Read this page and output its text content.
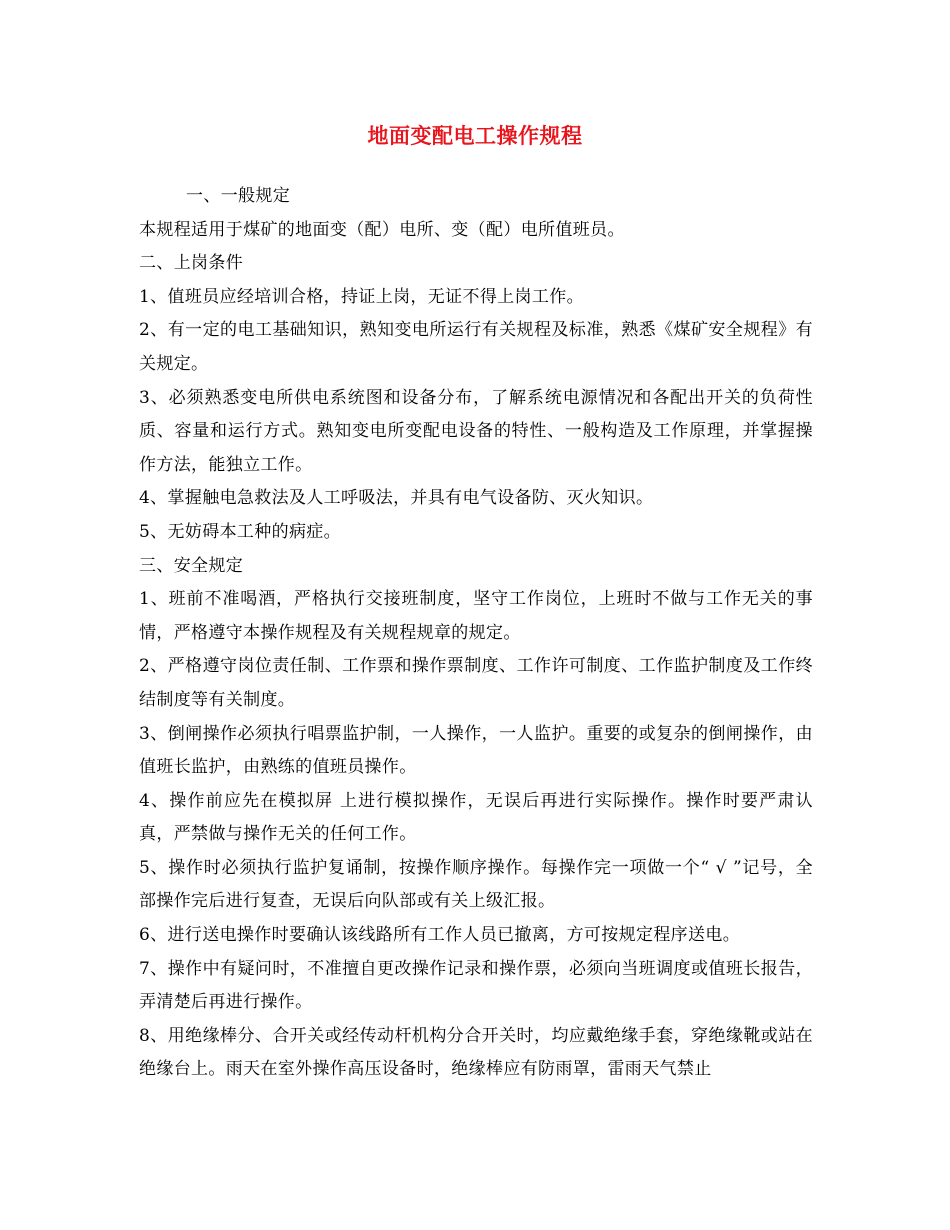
地面变配电工操作规程

一、一般规定

本规程适用于煤矿的地面变（配）电所、变（配）电所值班员。

二、上岗条件

1、值班员应经培训合格，持证上岗，无证不得上岗工作。

2、有一定的电工基础知识，熟知变电所运行有关规程及标准，熟悉《煤矿安全规程》有关规定。

3、必须熟悉变电所供电系统图和设备分布，了解系统电源情况和各配出开关的负荷性质、容量和运行方式。熟知变电所变配电设备的特性、一般构造及工作原理，并掌握操作方法，能独立工作。

4、掌握触电急救法及人工呼吸法，并具有电气设备防、灭火知识。

5、无妨碍本工种的病症。

三、安全规定

1、班前不准喝酒，严格执行交接班制度，坚守工作岗位，上班时不做与工作无关的事情，严格遵守本操作规程及有关规程规章的规定。

2、严格遵守岗位责任制、工作票和操作票制度、工作许可制度、工作监护制度及工作终结制度等有关制度。

3、倒闸操作必须执行唱票监护制，一人操作，一人监护。重要的或复杂的倒闸操作，由值班长监护，由熟练的值班员操作。

4、操作前应先在模拟屏 上进行模拟操作，无误后再进行实际操作。操作时要严肃认真，严禁做与操作无关的任何工作。

5、操作时必须执行监护复诵制，按操作顺序操作。每操作完一项做一个“ √ ”记号，全部操作完后进行复查，无误后向队部或有关上级汇报。

6、进行送电操作时要确认该线路所有工作人员已撤离，方可按规定程序送电。

7、操作中有疑问时，不准擅自更改操作记录和操作票，必须向当班调度或值班长报告，弄清楚后再进行操作。

8、用绝缘棒分、合开关或经传动杆机构分合开关时，均应戴绝缘手套，穿绝缘靴或站在绝缘台上。雨天在室外操作高压设备时，绝缘棒应有防雨罩，雷雨天气禁止
